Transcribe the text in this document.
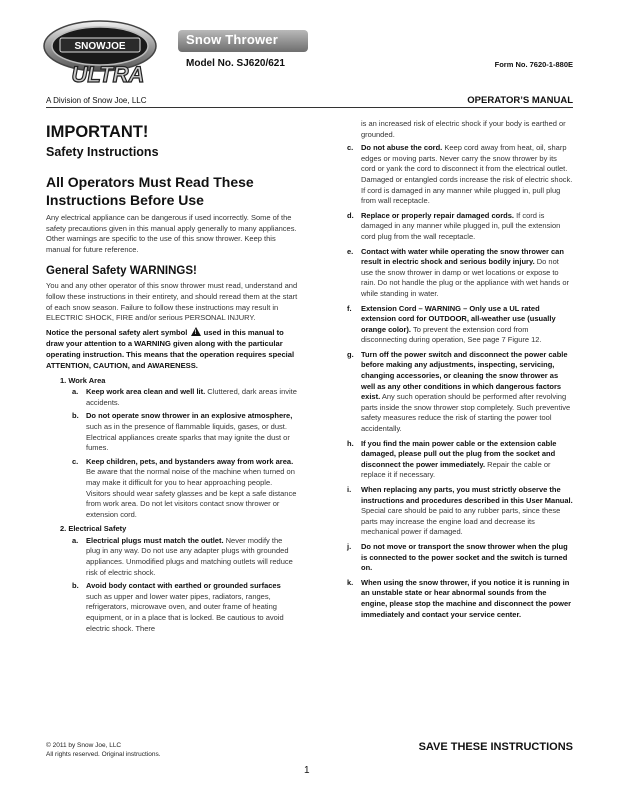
SNOWJOE
ULTRA
Snow Thrower
Model No. SJ620/621	Form No. 7620-1-880E
A Division of Snow Joe, LLC	OPERATOR’S MANUAL
IMPORTANT!
Safety Instructions
All Operators Must Read These Instructions Before Use

Any electrical appliance can be dangerous if used incorrectly. Some of the safety precautions given in this manual apply generally to many appliances. Other warnings are specific to the use of this snow thrower. Keep this manual for future reference.

General Safety WARNINGS!

You and any other operator of this snow thrower must read, understand and follow these instructions in their entirety, and should reread them at the start of each snow season. Failure to follow these instructions may result in ELECTRIC SHOCK, FIRE and/or serious PERSONAL INJURY.

Notice the personal safety alert symbol ! used in this manual to draw your attention to a WARNING given along with the particular operating instruction. This means that the operation requires special ATTENTION, CAUTION, and AWARENESS.

1. Work Area
a. Keep work area clean and well lit. Cluttered, dark areas invite accidents.
b. Do not operate snow thrower in an explosive atmosphere, such as in the presence of flammable liquids, gases, or dust. Electrical appliances create sparks that may ignite the dust or fumes.
c. Keep children, pets, and bystanders away from work area. Be aware that the normal noise of the machine when turned on may make it difficult for you to hear approaching people. Visitors should wear safety glasses and be kept a safe distance from work area. Do not let visitors contact snow thrower or extension cord.
2. Electrical Safety
a. Electrical plugs must match the outlet. Never modify the plug in any way. Do not use any adapter plugs with grounded appliances. Unmodified plugs and matching outlets will reduce risk of electric shock.
b. Avoid body contact with earthed or grounded surfaces such as upper and lower water pipes, radiators, ranges, refrigerators, microwave oven, and outer frame of heating equipment, or in a place that is locked. Be cautious to avoid electric shock. There

is an increased risk of electric shock if your body is earthed or grounded.

c. Do not abuse the cord. Keep cord away from heat, oil, sharp edges or moving parts. Never carry the snow thrower by its cord or yank the cord to disconnect it from the electrical outlet. Damaged or entangled cords increase the risk of electric shock. If cord is damaged in any manner while plugged in, pull plug from wall receptacle.
d. Replace or properly repair damaged cords. If cord is damaged in any manner while plugged in, pull the extension cord plug from the wall receptacle.
e. Contact with water while operating the snow thrower can result in electric shock and serious bodily injury. Do not use the snow thrower in damp or wet locations or expose to rain. Do not handle the plug or the appliance with wet hands or while standing in water.
f. Extension Cord – WARNING – Only use a UL rated extension cord for OUTDOOR, all-weather use (usually orange color). To prevent the extension cord from disconnecting during operation, See page 7 Figure 12.
g. Turn off the power switch and disconnect the power cable before making any adjustments, inspecting, servicing, changing accessories, or cleaning the snow thrower as well as any other conditions in which dangerous factors exist. Any such operation should be performed after revolving parts inside the snow thrower stop completely. Such preventive safety measures reduce the risk of starting the power tool accidentally.
h. If you find the main power cable or the extension cable damaged, please pull out the plug from the socket and disconnect the power immediately. Repair the cable or replace it if necessary.
i. When replacing any parts, you must strictly observe the instructions and procedures described in this User Manual. Special care should be paid to any rubber parts, since these parts may increase the engine load and decrease its mechanical power if damaged.
j. Do not move or transport the snow thrower when the plug is connected to the power socket and the switch is turned on.
k. When using the snow thrower, if you notice it is running in an unstable state or hear abnormal sounds from the engine, please stop the machine and disconnect the power immediately and contact your service center.
© 2011 by Snow Joe, LLC
All rights reserved. Original instructions.
SAVE THESE INSTRUCTIONS
1
